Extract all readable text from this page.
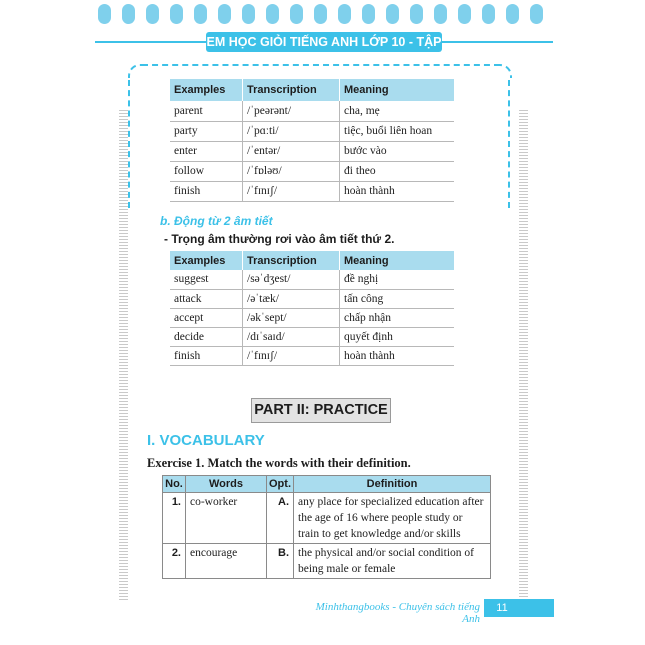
EM HỌC GIỎI TIẾNG ANH LỚP 10 - TẬP 2
Examples	Transcription	Meaning
parent	/ˈpeərənt/	cha, mẹ
party	/ˈpɑːti/	tiệc, buổi liên hoan
enter	/ˈentər/	bước vào
follow	/ˈfɒləʊ/	đi theo
finish	/ˈfɪnɪʃ/	hoàn thành
b. Động từ 2 âm tiết
- Trọng âm thường rơi vào âm tiết thứ 2.
Examples	Transcription	Meaning
suggest	/səˈdʒest/	đề nghị
attack	/əˈtæk/	tấn công
accept	/əkˈsept/	chấp nhận
decide	/dɪˈsaɪd/	quyết định
finish	/ˈfɪnɪʃ/	hoàn thành
PART II: PRACTICE
I. VOCABULARY
Exercise 1. Match the words with their definition.
No.	Words	Opt.	Definition
1.	co-worker	A.	any place for specialized education after the age of 16 where people study or train to get knowledge and/or skills
2.	encourage	B.	the physical and/or social condition of being male or female
Minhthangbooks - Chuyên sách tiếng Anh
11
